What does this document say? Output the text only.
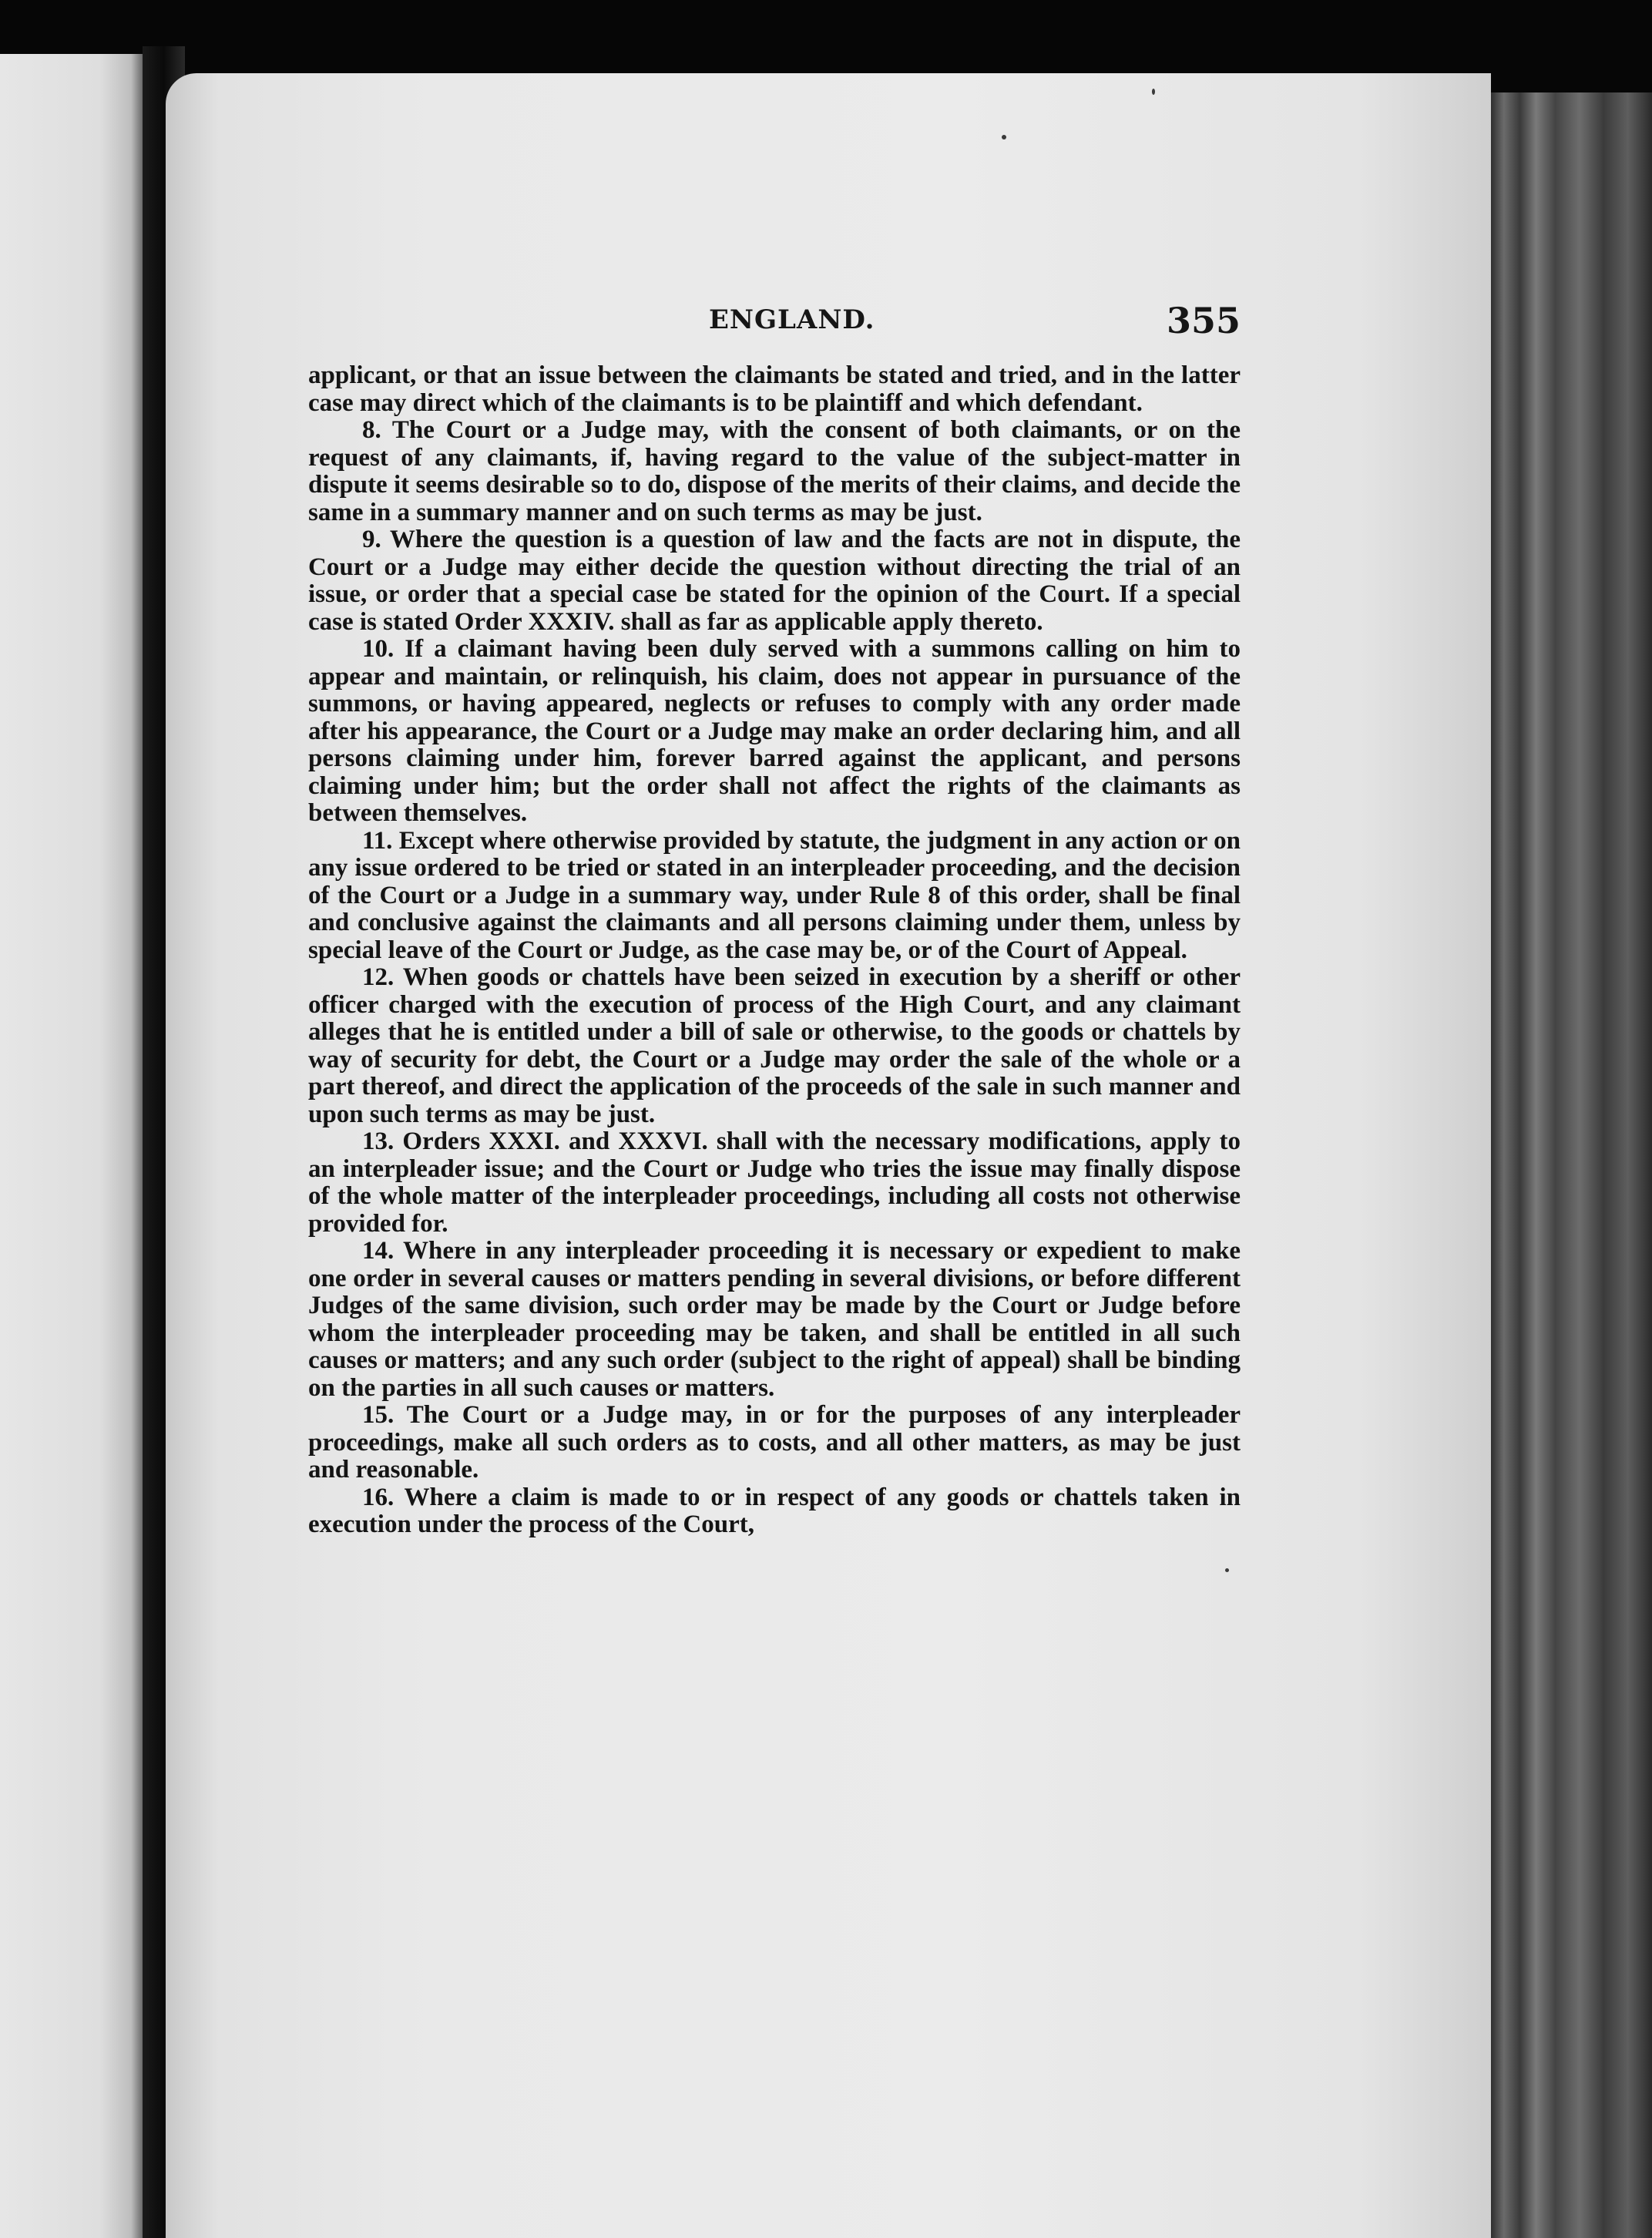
ENGLAND.	355

applicant, or that an issue between the claimants be stated and tried, and in the latter case may direct which of the claimants is to be plaintiff and which defendant.

8. The Court or a Judge may, with the consent of both claimants, or on the request of any claimants, if, having regard to the value of the subject-matter in dispute it seems desirable so to do, dispose of the merits of their claims, and decide the same in a summary manner and on such terms as may be just.

9. Where the question is a question of law and the facts are not in dispute, the Court or a Judge may either decide the question without directing the trial of an issue, or order that a special case be stated for the opinion of the Court. If a special case is stated Order XXXIV. shall as far as applicable apply thereto.

10. If a claimant having been duly served with a summons calling on him to appear and maintain, or relinquish, his claim, does not appear in pursuance of the summons, or having appeared, neglects or refuses to comply with any order made after his appearance, the Court or a Judge may make an order declaring him, and all persons claiming under him, forever barred against the applicant, and persons claiming under him; but the order shall not affect the rights of the claimants as between themselves.

11. Except where otherwise provided by statute, the judgment in any action or on any issue ordered to be tried or stated in an interpleader proceeding, and the decision of the Court or a Judge in a summary way, under Rule 8 of this order, shall be final and conclusive against the claimants and all persons claiming under them, unless by special leave of the Court or Judge, as the case may be, or of the Court of Appeal.

12. When goods or chattels have been seized in execution by a sheriff or other officer charged with the execution of process of the High Court, and any claimant alleges that he is entitled under a bill of sale or otherwise, to the goods or chattels by way of security for debt, the Court or a Judge may order the sale of the whole or a part thereof, and direct the application of the proceeds of the sale in such manner and upon such terms as may be just.

13. Orders XXXI. and XXXVI. shall with the necessary modifications, apply to an interpleader issue; and the Court or Judge who tries the issue may finally dispose of the whole matter of the interpleader proceedings, including all costs not otherwise provided for.

14. Where in any interpleader proceeding it is necessary or expedient to make one order in several causes or matters pending in several divisions, or before different Judges of the same division, such order may be made by the Court or Judge before whom the interpleader proceeding may be taken, and shall be entitled in all such causes or matters; and any such order (subject to the right of appeal) shall be binding on the parties in all such causes or matters.

15. The Court or a Judge may, in or for the purposes of any interpleader proceedings, make all such orders as to costs, and all other matters, as may be just and reasonable.

16. Where a claim is made to or in respect of any goods or chattels taken in execution under the process of the Court,
